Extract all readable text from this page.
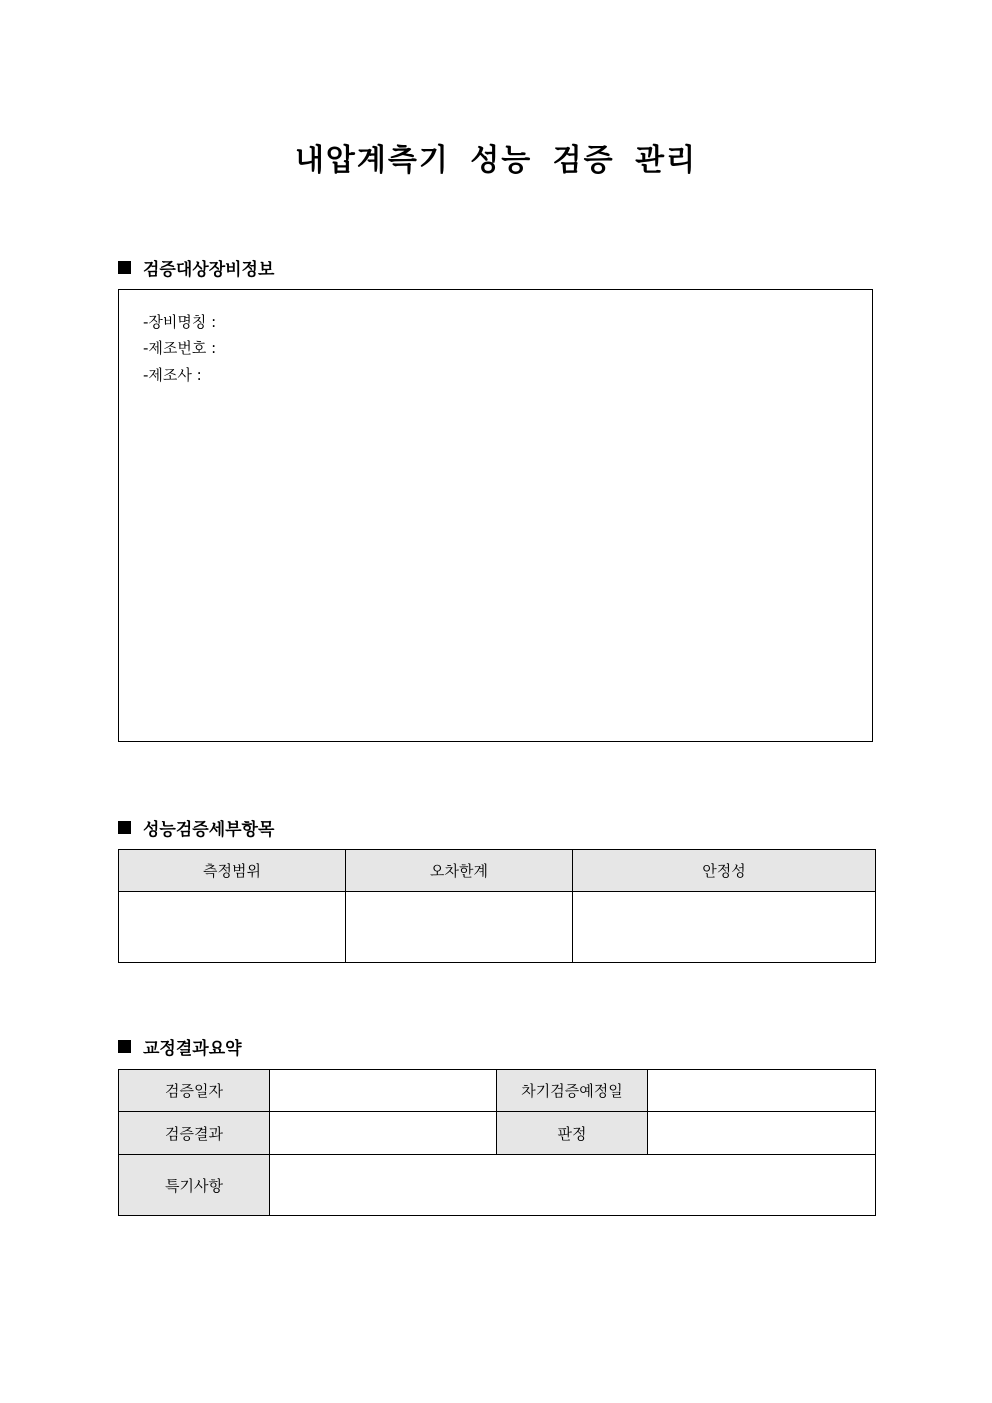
내압계측기 성능 검증 관리
검증대상장비정보
-장비명칭 :
-제조번호 :
-제조사 :
성능검증세부항목
측정범위	오차한계	안정성

교정결과요약
검증일자		차기검증예정일	
검증결과		판정	
특기사항			
